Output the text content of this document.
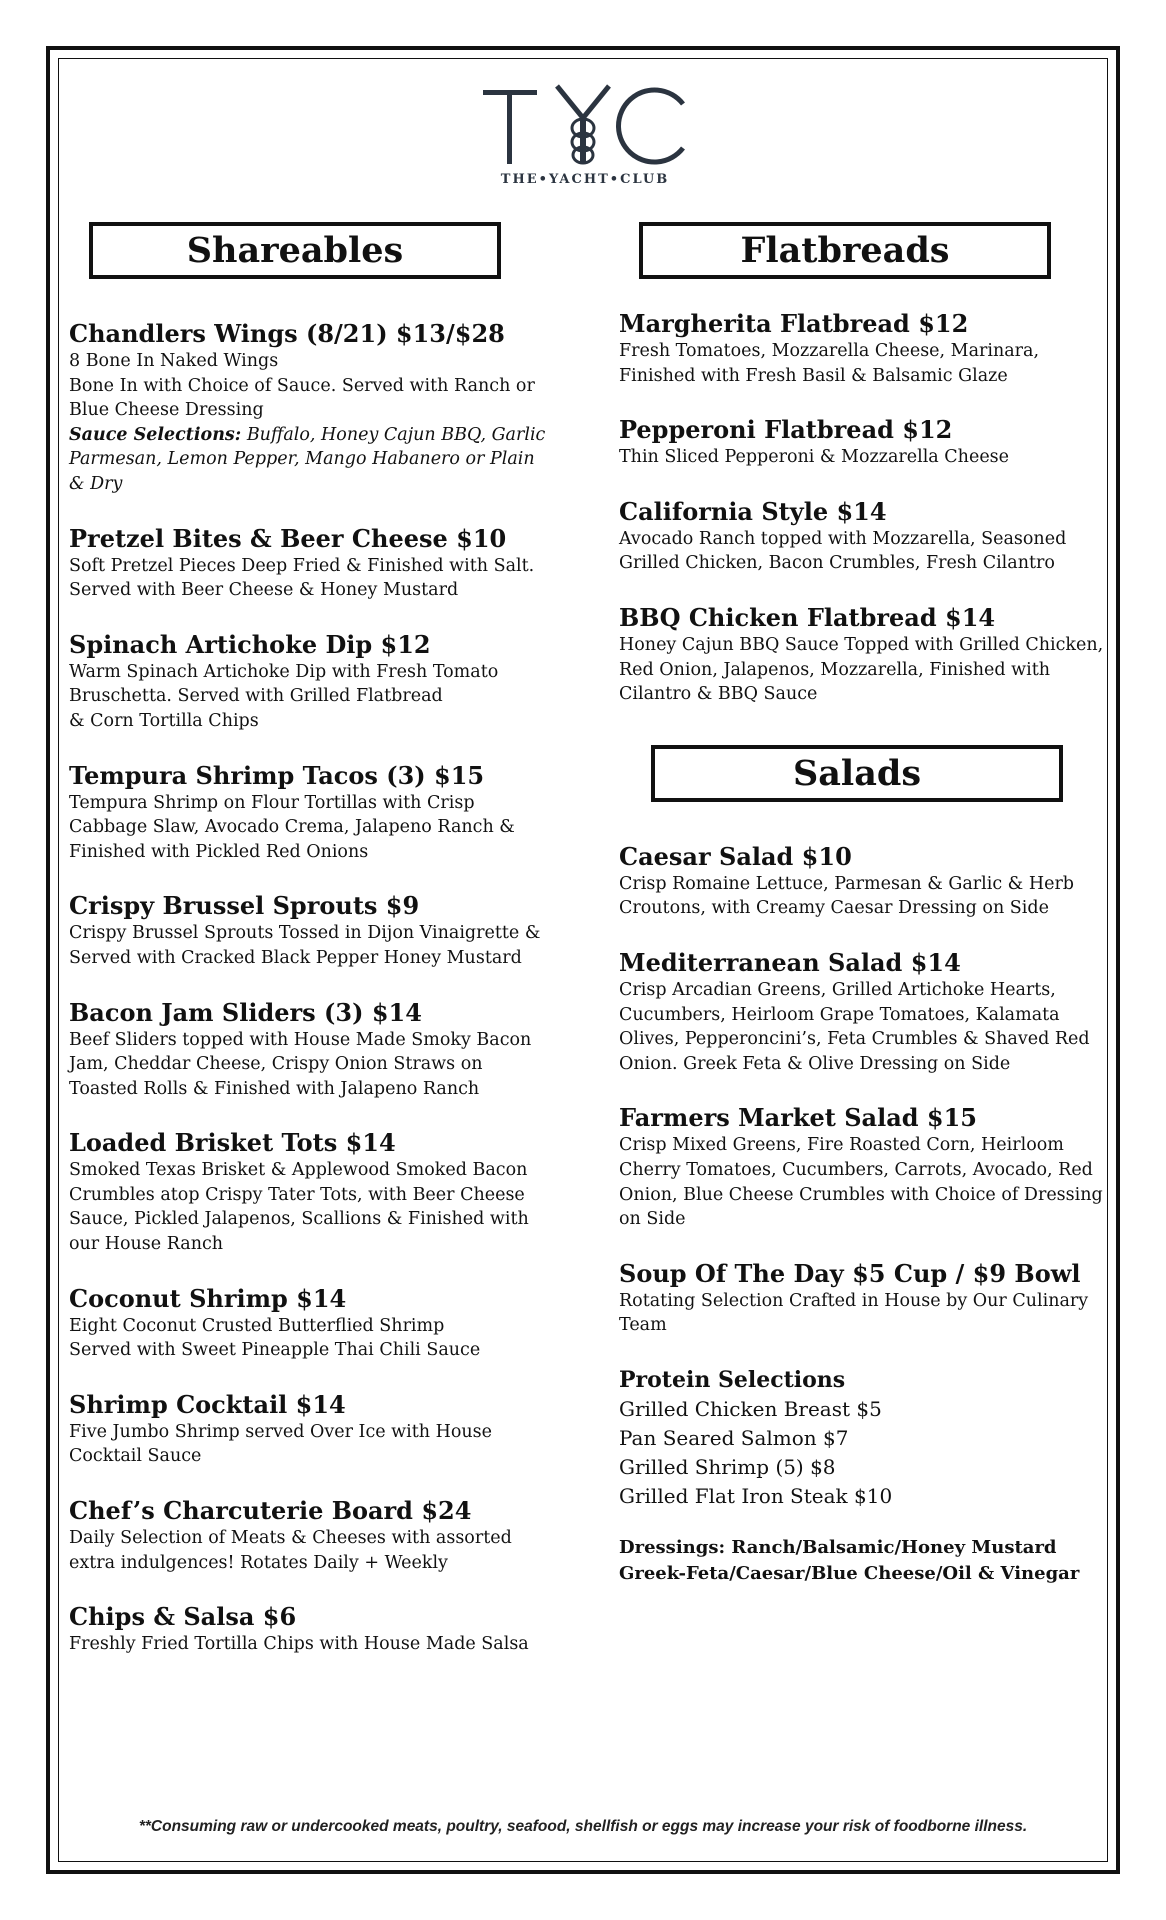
THE•YACHT•CLUB
Shareables
Chandlers Wings (8/21) $13/$28
8 Bone In Naked Wings
Bone In with Choice of Sauce. Served with Ranch or Blue Cheese Dressing
Sauce Selections: Buffalo, Honey Cajun BBQ, Garlic Parmesan, Lemon Pepper, Mango Habanero or Plain & Dry
Pretzel Bites & Beer Cheese $10
Soft Pretzel Pieces Deep Fried & Finished with Salt.
Served with Beer Cheese & Honey Mustard
Spinach Artichoke Dip $12
Warm Spinach Artichoke Dip with Fresh Tomato Bruschetta. Served with Grilled Flatbread
& Corn Tortilla Chips
Tempura Shrimp Tacos (3) $15
Tempura Shrimp on Flour Tortillas with Crisp Cabbage Slaw, Avocado Crema, Jalapeno Ranch & Finished with Pickled Red Onions
Crispy Brussel Sprouts $9
Crispy Brussel Sprouts Tossed in Dijon Vinaigrette & Served with Cracked Black Pepper Honey Mustard
Bacon Jam Sliders (3) $14
Beef Sliders topped with House Made Smoky Bacon Jam, Cheddar Cheese, Crispy Onion Straws on Toasted Rolls & Finished with Jalapeno Ranch
Loaded Brisket Tots $14
Smoked Texas Brisket & Applewood Smoked Bacon Crumbles atop Crispy Tater Tots, with Beer Cheese Sauce, Pickled Jalapenos, Scallions & Finished with our House Ranch
Coconut Shrimp $14
Eight Coconut Crusted Butterflied Shrimp
Served with Sweet Pineapple Thai Chili Sauce
Shrimp Cocktail $14
Five Jumbo Shrimp served Over Ice with House Cocktail Sauce
Chef’s Charcuterie Board $24
Daily Selection of Meats & Cheeses with assorted extra indulgences! Rotates Daily + Weekly
Chips & Salsa $6
Freshly Fried Tortilla Chips with House Made Salsa
Flatbreads
Margherita Flatbread $12
Fresh Tomatoes, Mozzarella Cheese, Marinara, Finished with Fresh Basil & Balsamic Glaze
Pepperoni Flatbread $12
Thin Sliced Pepperoni & Mozzarella Cheese
California Style $14
Avocado Ranch topped with Mozzarella, Seasoned Grilled Chicken, Bacon Crumbles, Fresh Cilantro
BBQ Chicken Flatbread $14
Honey Cajun BBQ Sauce Topped with Grilled Chicken, Red Onion, Jalapenos, Mozzarella, Finished with Cilantro & BBQ Sauce
Salads
Caesar Salad $10
Crisp Romaine Lettuce, Parmesan & Garlic & Herb Croutons, with Creamy Caesar Dressing on Side
Mediterranean Salad $14
Crisp Arcadian Greens, Grilled Artichoke Hearts, Cucumbers, Heirloom Grape Tomatoes, Kalamata Olives, Pepperoncini’s, Feta Crumbles & Shaved Red Onion. Greek Feta & Olive Dressing on Side
Farmers Market Salad $15
Crisp Mixed Greens, Fire Roasted Corn, Heirloom Cherry Tomatoes, Cucumbers, Carrots, Avocado, Red Onion, Blue Cheese Crumbles with Choice of Dressing on Side
Soup Of The Day $5 Cup / $9 Bowl
Rotating Selection Crafted in House by Our Culinary Team
Protein Selections
Grilled Chicken Breast $5
Pan Seared Salmon $7
Grilled Shrimp (5) $8
Grilled Flat Iron Steak $10
Dressings: Ranch/Balsamic/Honey Mustard
Greek-Feta/Caesar/Blue Cheese/Oil & Vinegar
**Consuming raw or undercooked meats, poultry, seafood, shellfish or eggs may increase your risk of foodborne illness.
